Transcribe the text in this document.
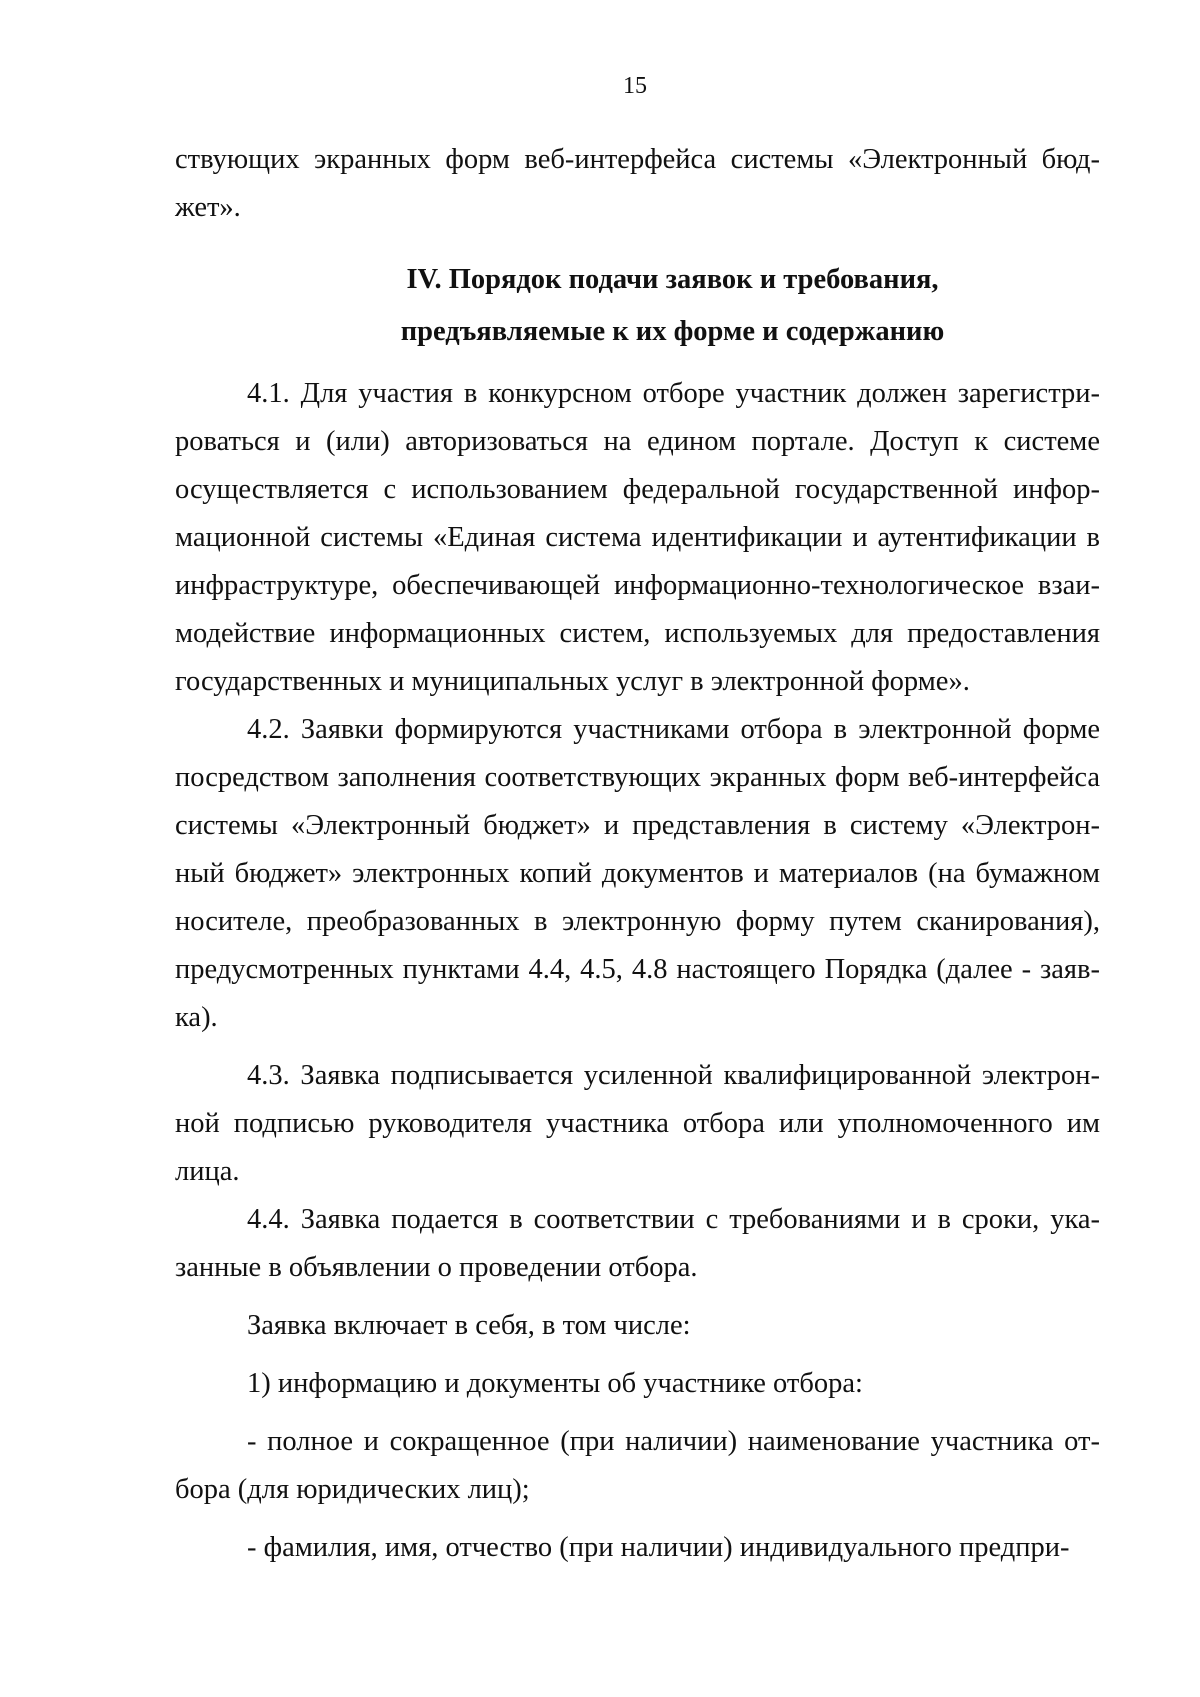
15

ствующих экранных форм веб-интерфейса системы «Электронный бюд-жет».

IV. Порядок подачи заявок и требования,
предъявляемые к их форме и содержанию

4.1. Для участия в конкурсном отборе участник должен зарегистри-роваться и (или) авторизоваться на едином портале. Доступ к системе осуществляется с использованием федеральной государственной инфор-мационной системы «Единая система идентификации и аутентификации в инфраструктуре, обеспечивающей информационно-технологическое взаи-модействие информационных систем, используемых для предоставления государственных и муниципальных услуг в электронной форме».

4.2. Заявки формируются участниками отбора в электронной форме посредством заполнения соответствующих экранных форм веб-интерфейса системы «Электронный бюджет» и представления в систему «Электрон-ный бюджет» электронных копий документов и материалов (на бумажном носителе, преобразованных в электронную форму путем сканирования), предусмотренных пунктами 4.4, 4.5, 4.8 настоящего Порядка (далее - заяв-ка).

4.3. Заявка подписывается усиленной квалифицированной электрон-ной подписью руководителя участника отбора или уполномоченного им лица.

4.4. Заявка подается в соответствии с требованиями и в сроки, ука-занные в объявлении о проведении отбора.

Заявка включает в себя, в том числе:

1) информацию и документы об участнике отбора:

- полное и сокращенное (при наличии) наименование участника от-бора (для юридических лиц);

- фамилия, имя, отчество (при наличии) индивидуального предпри-
